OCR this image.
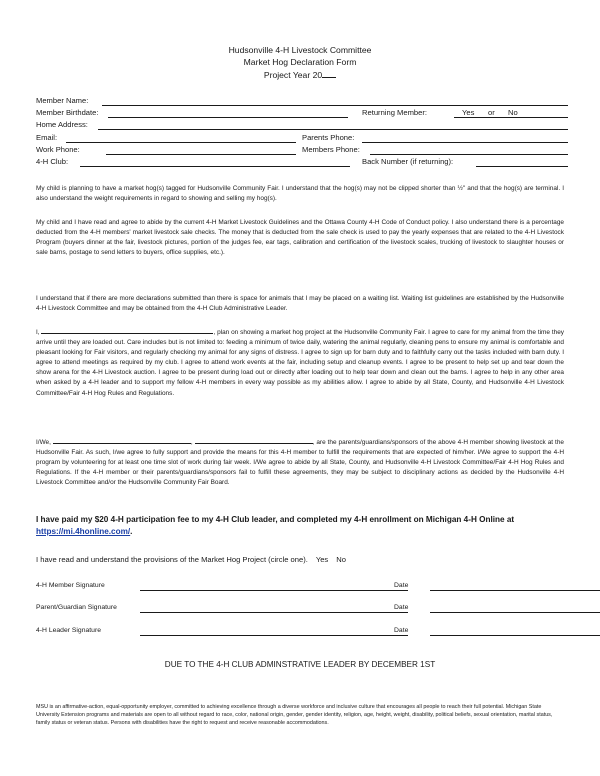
Hudsonville 4-H Livestock Committee
Market Hog Declaration Form
Project Year 20
Member Name:
Member Birthdate:	Returning Member:	Yes or No
Home Address:
Email:	Parents Phone:
Work Phone:	Members Phone:
4-H Club:	Back Number (if returning):
My child is planning to have a market hog(s) tagged for Hudsonville Community Fair. I understand that the hog(s) may not be clipped shorter than ½" and that the hog(s) are terminal. I also understand the weight requirements in regard to showing and selling my hog(s).
My child and I have read and agree to abide by the current 4-H Market Livestock Guidelines and the Ottawa County 4-H Code of Conduct policy. I also understand there is a percentage deducted from the 4-H members' market livestock sale checks. The money that is deducted from the sale check is used to pay the yearly expenses that are related to the 4-H Livestock Program (buyers dinner at the fair, livestock pictures, portion of the judges fee, ear tags, calibration and certification of the livestock scales, trucking of livestock to slaughter houses or sale barns, postage to send letters to buyers, office supplies, etc.).
I understand that if there are more declarations submitted than there is space for animals that I may be placed on a waiting list. Waiting list guidelines are established by the Hudsonville 4-H Livestock Committee and may be obtained from the 4-H Club Administrative Leader.
I,	, plan on showing a market hog project at the Hudsonville Community Fair. I agree to care for my animal from the time they arrive until they are loaded out. Care includes but is not limited to: feeding a minimum of twice daily, watering the animal regularly, cleaning pens to ensure my animal is comfortable and pleasant looking for Fair visitors, and regularly checking my animal for any signs of distress. I agree to sign up for barn duty and to faithfully carry out the tasks included with barn duty. I agree to attend meetings as required by my club. I agree to attend work events at the fair, including setup and cleanup events. I agree to be present to help set up and tear down the show arena for the 4-H Livestock auction. I agree to be present during load out or directly after loading out to help tear down and clean out the barns. I agree to help in any other area when asked by a 4-H leader and to support my fellow 4-H members in every way possible as my abilities allow. I agree to abide by all State, County, and Hudsonville 4-H Livestock Committee/Fair 4-H Hog Rules and Regulations.
I/We,	,	, are the parents/guardians/sponsors of the above 4-H member showing livestock at the Hudsonville Fair. As such, I/we agree to fully support and provide the means for this 4-H member to fulfill the requirements that are expected of him/her. I/We agree to support the 4-H program by volunteering for at least one time slot of work during fair week. I/We agree to abide by all State, County, and Hudsonville 4-H Livestock Committee/Fair 4-H Hog Rules and Regulations. If the 4-H member or their parents/guardians/sponsors fail to fulfill these agreements, they may be subject to disciplinary actions as decided by the Hudsonville 4-H Livestock Committee and/or the Hudsonville Community Fair Board.
I have paid my $20 4-H participation fee to my 4-H Club leader, and completed my 4-H enrollment on Michigan 4-H Online at https://mi.4honline.com/.
I have read and understand the provisions of the Market Hog Project (circle one). Yes No
4-H Member Signature	Date
Parent/Guardian Signature	Date
4-H Leader Signature	Date
DUE TO THE 4-H CLUB ADMINSTRATIVE LEADER BY DECEMBER 1ST
MSU is an affirmative-action, equal-opportunity employer, committed to achieving excellence through a diverse workforce and inclusive culture that encourages all people to reach their full potential. Michigan State University Extension programs and materials are open to all without regard to race, color, national origin, gender, gender identity, religion, age, height, weight, disability, political beliefs, sexual orientation, marital status, family status or veteran status. Persons with disabilities have the right to request and receive reasonable accommodations.
